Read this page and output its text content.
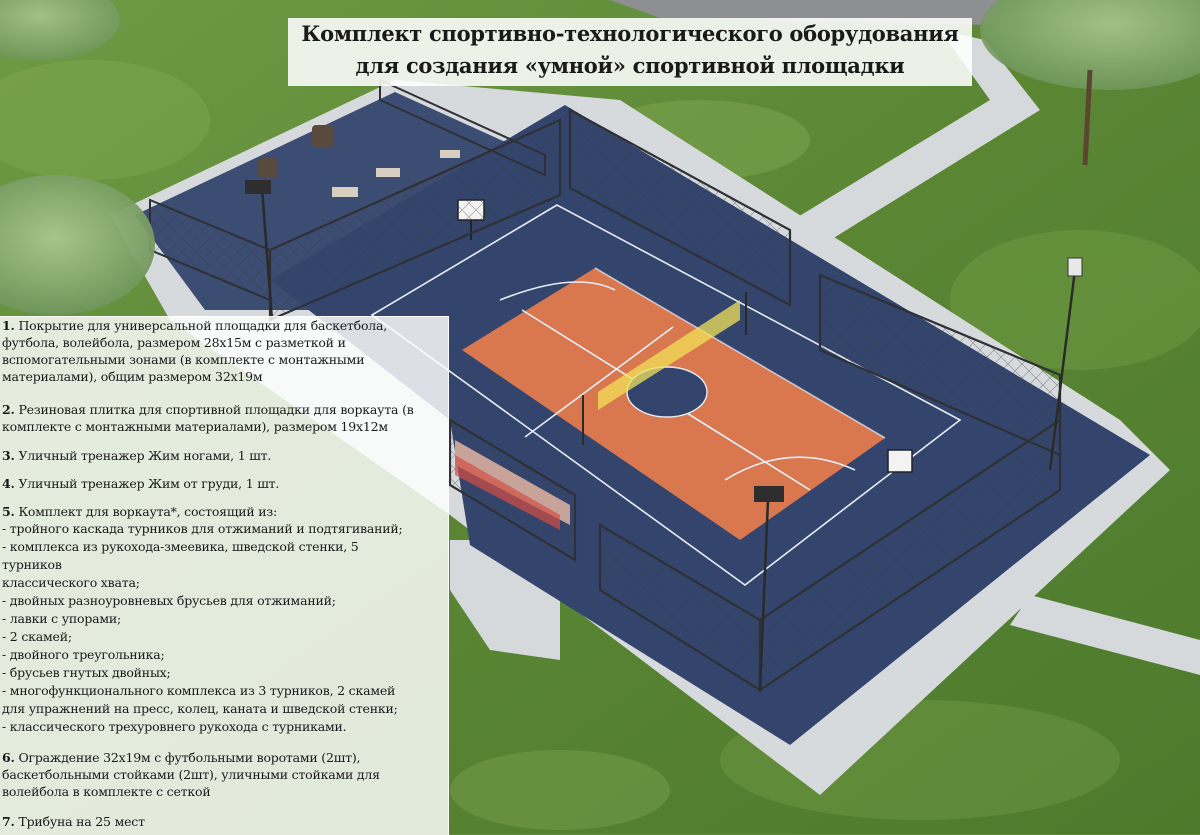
Комплект спортивно-технологического оборудования
для создания «умной» спортивной площадки
1. Покрытие для универсальной площадки для баскетбола, футбола, волейбола, размером 28х15м с разметкой и вспомогательными зонами (в комплекте с монтажными материалами), общим размером 32х19м
2. Резиновая плитка для спортивной площадки для воркаута (в комплекте с монтажными материалами), размером 19х12м
3. Уличный тренажер Жим ногами, 1 шт.
4. Уличный тренажер Жим от груди, 1 шт.
5. Комплект для воркаута*, состоящий из:
- тройного каскада турников для отжиманий и подтягиваний;
- комплекса из рукохода-змеевика, шведской стенки, 5
турников
классического хвата;
- двойных разноуровневых брусьев для отжиманий;
- лавки с упорами;
- 2 скамей;
- двойного треугольника;
- брусьев гнутых двойных;
- многофункционального комплекса из 3 турников, 2 скамей
для упражнений на пресс, колец, каната и шведской стенки;
- классического трехуровнего рукохода с турниками.
6. Ограждение 32х19м с футбольными воротами (2шт), баскетбольными стойками (2шт), уличными стойками для волейбола в комплекте с сеткой
7. Трибуна на 25 мест
